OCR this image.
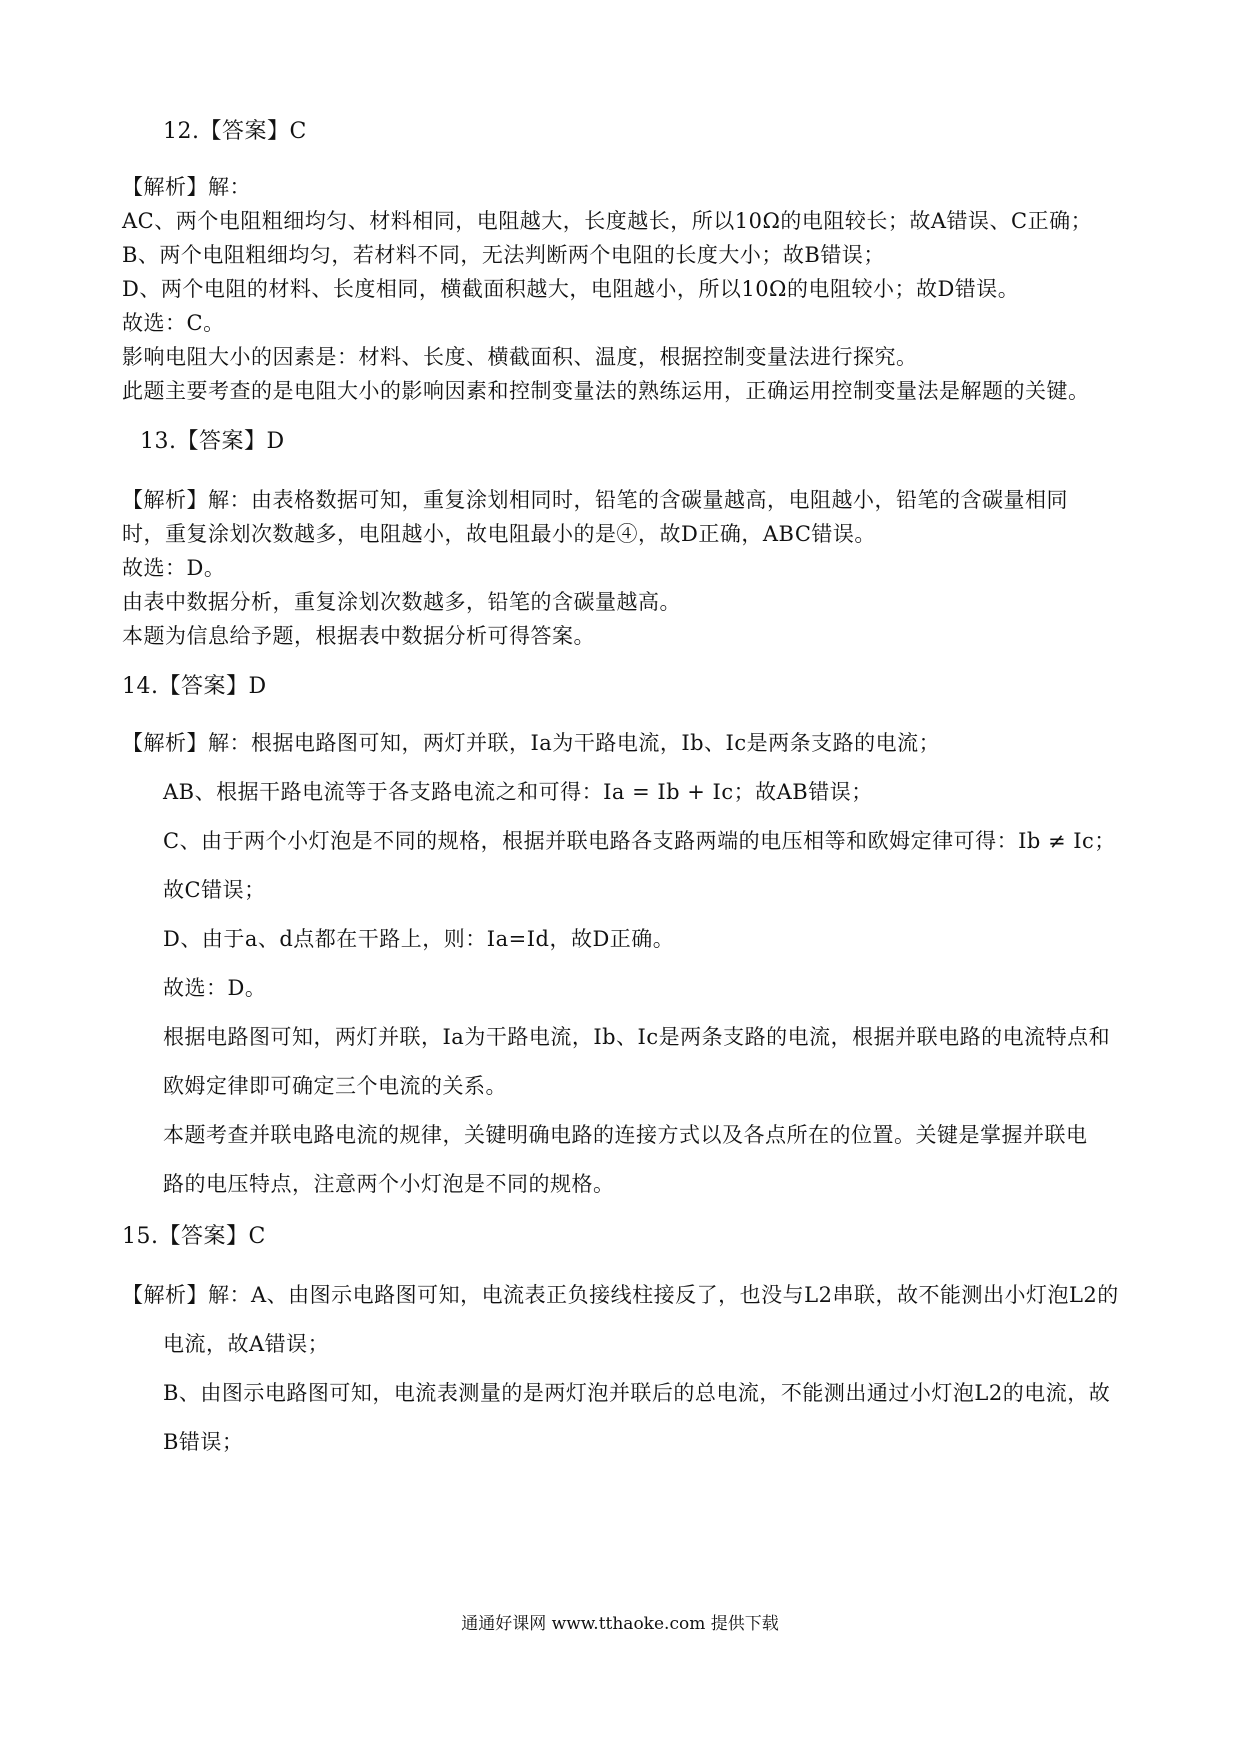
12.【答案】C
【解析】解：
AC、两个电阻粗细均匀、材料相同，电阻越大，长度越长，所以10Ω的电阻较长；故A错误、C正确；
B、两个电阻粗细均匀，若材料不同，无法判断两个电阻的长度大小；故B错误；
D、两个电阻的材料、长度相同，横截面积越大，电阻越小，所以10Ω的电阻较小；故D错误。
故选：C。
影响电阻大小的因素是：材料、长度、横截面积、温度，根据控制变量法进行探究。
此题主要考查的是电阻大小的影响因素和控制变量法的熟练运用，正确运用控制变量法是解题的关键。
13.【答案】D
【解析】解：由表格数据可知，重复涂划相同时，铅笔的含碳量越高，电阻越小，铅笔的含碳量相同
时，重复涂划次数越多，电阻越小，故电阻最小的是④，故D正确，ABC错误。
故选：D。
由表中数据分析，重复涂划次数越多，铅笔的含碳量越高。
本题为信息给予题，根据表中数据分析可得答案。
14.【答案】D
【解析】解：根据电路图可知，两灯并联，Ia为干路电流，Ib、Ic是两条支路的电流；
AB、根据干路电流等于各支路电流之和可得：Ia = Ib + Ic；故AB错误；
C、由于两个小灯泡是不同的规格，根据并联电路各支路两端的电压相等和欧姆定律可得：Ib ≠ Ic；
故C错误；
D、由于a、d点都在干路上，则：Ia=Id，故D正确。
故选：D。
根据电路图可知，两灯并联，Ia为干路电流，Ib、Ic是两条支路的电流，根据并联电路的电流特点和
欧姆定律即可确定三个电流的关系。
本题考查并联电路电流的规律，关键明确电路的连接方式以及各点所在的位置。关键是掌握并联电
路的电压特点，注意两个小灯泡是不同的规格。
15.【答案】C
【解析】解：A、由图示电路图可知，电流表正负接线柱接反了，也没与L2串联，故不能测出小灯泡L2的
电流，故A错误；
B、由图示电路图可知，电流表测量的是两灯泡并联后的总电流，不能测出通过小灯泡L2的电流，故
B错误；
通通好课网 www.tthaoke.com 提供下载
